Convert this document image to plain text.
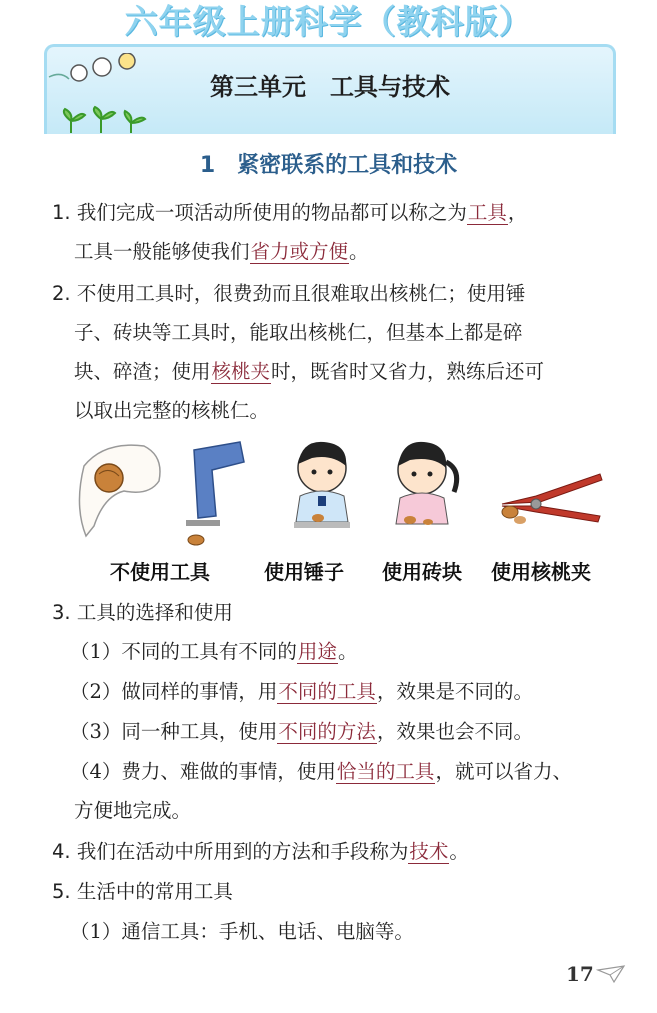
六年级上册科学（教科版）
第三单元　工具与技术
1　紧密联系的工具和技术
1. 我们完成一项活动所使用的物品都可以称之为工具，
工具一般能够使我们省力或方便。
2. 不使用工具时，很费劲而且很难取出核桃仁；使用锤
子、砖块等工具时，能取出核桃仁，但基本上都是碎
块、碎渣；使用核桃夹时，既省时又省力，熟练后还可
以取出完整的核桃仁。
不使用工具	使用锤子 使用砖块 使用核桃夹
3. 工具的选择和使用
（1）不同的工具有不同的用途。
（2）做同样的事情，用不同的工具，效果是不同的。
（3）同一种工具，使用不同的方法，效果也会不同。
（4）费力、难做的事情，使用恰当的工具，就可以省力、
方便地完成。
4. 我们在活动中所用到的方法和手段称为技术。
5. 生活中的常用工具
（1）通信工具：手机、电话、电脑等。
17
